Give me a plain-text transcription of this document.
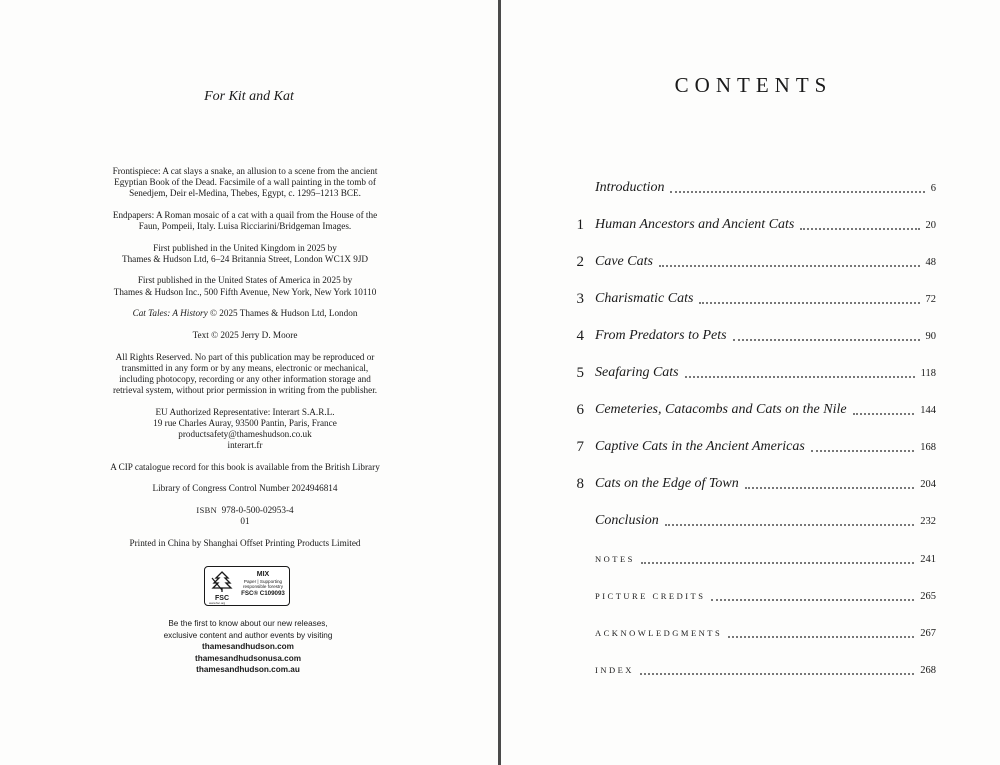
For Kit and Kat

Frontispiece: A cat slays a snake, an allusion to a scene from the ancient
Egyptian Book of the Dead. Facsimile of a wall painting in the tomb of
Senedjem, Deir el-Medina, Thebes, Egypt, c. 1295–1213 BCE.

Endpapers: A Roman mosaic of a cat with a quail from the House of the
Faun, Pompeii, Italy. Luisa Ricciarini/Bridgeman Images.

First published in the United Kingdom in 2025 by
Thames & Hudson Ltd, 6–24 Britannia Street, London WC1X 9JD

First published in the United States of America in 2025 by
Thames & Hudson Inc., 500 Fifth Avenue, New York, New York 10110

Cat Tales: A History © 2025 Thames & Hudson Ltd, London

Text © 2025 Jerry D. Moore

All Rights Reserved. No part of this publication may be reproduced or
transmitted in any form or by any means, electronic or mechanical,
including photocopy, recording or any other information storage and
retrieval system, without prior permission in writing from the publisher.

EU Authorized Representative: Interart S.A.R.L.
19 rue Charles Auray, 93500 Pantin, Paris, France
productsafety@thameshudson.co.uk
interart.fr

A CIP catalogue record for this book is available from the British Library

Library of Congress Control Number 2024946814

ISBN 978-0-500-02953-4
01

Printed in China by Shanghai Offset Printing Products Limited

FSC
MIX
Paper | Supporting
responsible forestry
FSC® C109093
www.fsc.org
Be the first to know about our new releases,
exclusive content and author events by visiting
thamesandhudson.com
thamesandhudsonusa.com
thamesandhudson.com.au
CONTENTS
Introduction	6
1 Human Ancestors and Ancient Cats	20
2 Cave Cats	48
3 Charismatic Cats	72
4 From Predators to Pets	90
5 Seafaring Cats	118
6 Cemeteries, Catacombs and Cats on the Nile	144
7 Captive Cats in the Ancient Americas	168
8 Cats on the Edge of Town	204
Conclusion	232
NOTES	241
PICTURE CREDITS	265
ACKNOWLEDGMENTS	267
INDEX	268
